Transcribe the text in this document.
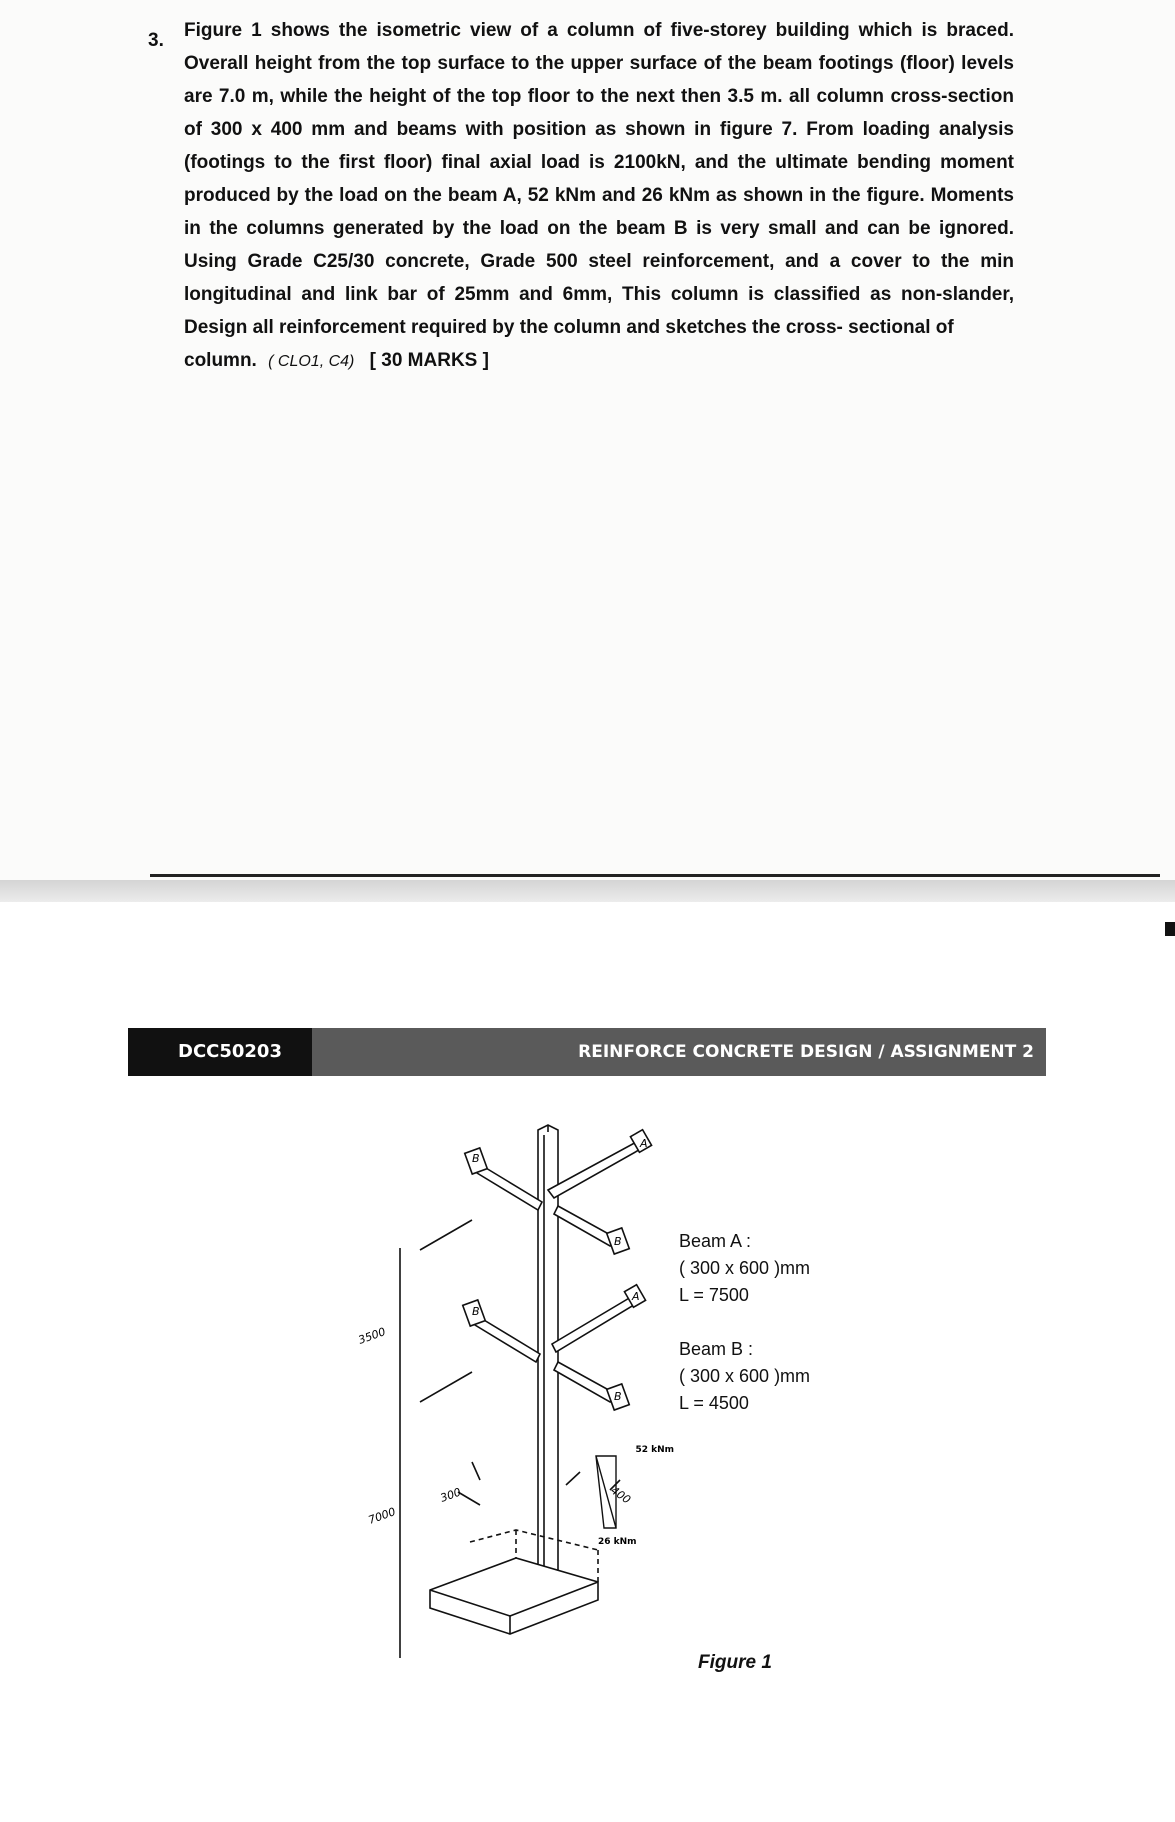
3. Figure 1 shows the isometric view of a column of five-storey building which is braced. Overall height from the top surface to the upper surface of the beam footings (floor) levels are 7.0 m, while the height of the top floor to the next then 3.5 m. all column cross-section of 300 x 400 mm and beams with position as shown in figure 7. From loading analysis (footings to the first floor) final axial load is 2100kN, and the ultimate bending moment produced by the load on the beam A, 52 kNm and 26 kNm as shown in the figure. Moments in the columns generated by the load on the beam B is very small and can be ignored. Using Grade C25/30 concrete, Grade 500 steel reinforcement, and a cover to the min longitudinal and link bar of 25mm and 6mm, This column is classified as non-slander, Design all reinforcement required by the column and sketches the cross- sectional of
column. ( CLO1, C4) [ 30 MARKS ]
DCC50203	REINFORCE CONCRETE DESIGN / ASSIGNMENT 2
A
B
B
A
B
B
3500
7000
300	400
52 kNm
26 kNm
Beam A :
( 300 x 600 )mm
L = 7500
Beam B :
( 300 x 600 )mm
L = 4500
Figure 1
